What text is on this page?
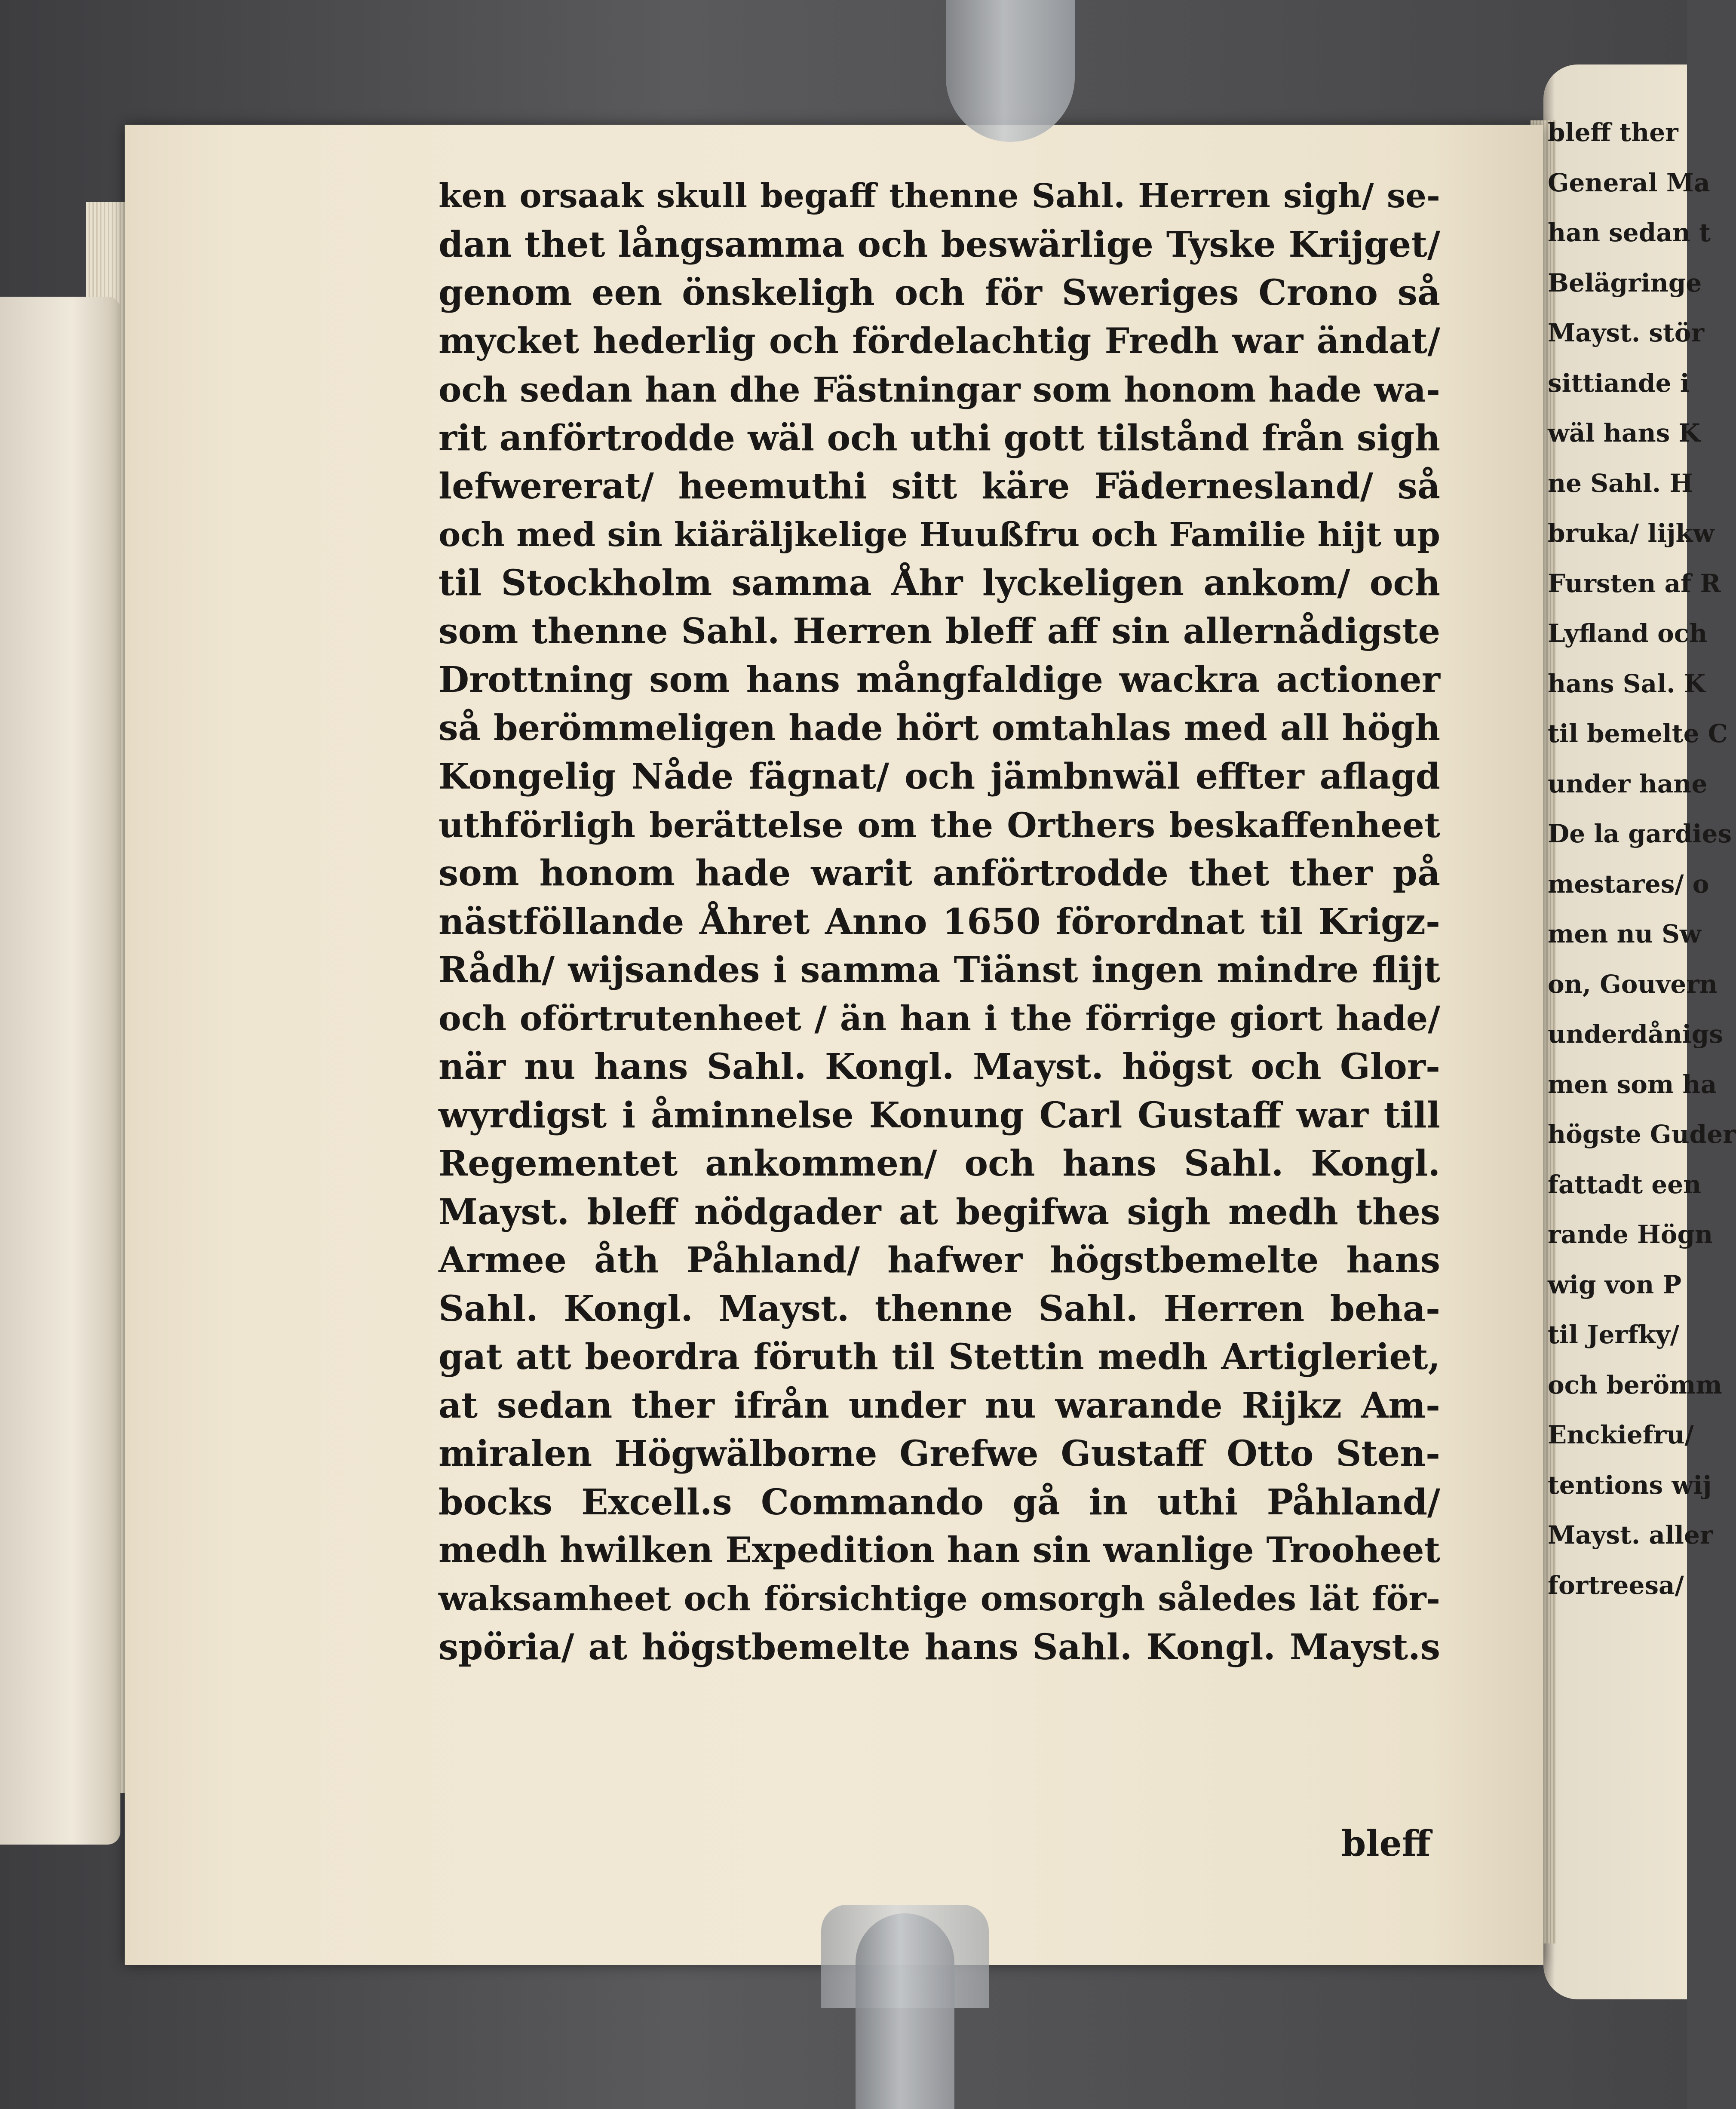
bleff ther
General Ma
han sedan t
Belägringe
Mayst. stör
sittiande i
wäl hans K
ne Sahl. H
bruka/ lijkw
Fursten af R
Lyfland och
hans Sal. K
til bemelte C
under hane
De la gardies
mestares/ o
men nu Sw
on, Gouvern
underdånigs
men som ha
högste Guder
fattadt een
rande Högn
wig von P
til Jerfky/
och berömm
Enckiefru/
tentions wij
Mayst. aller
fortreesa/
ken orsaak skull begaff thenne Sahl. Herren sigh/ se-
dan thet långsamma och beswärlige Tyske Krijget/
genom een önskeligh och för Sweriges Crono så
mycket hederlig och fördelachtig Fredh war ändat/
och sedan han dhe Fästningar som honom hade wa-
rit anförtrodde wäl och uthi gott tilstånd från sigh
lefwererat/ heemuthi sitt käre Fädernesland/ så
och med sin kiäräljkelige Huußfru och Familie hijt up
til Stockholm samma Åhr lyckeligen ankom/ och
som thenne Sahl. Herren bleff aff sin allernådigste
Drottning som hans mångfaldige wackra actioner
så berömmeligen hade hört omtahlas med all högh
Kongelig Nåde fägnat/ och jämbnwäl effter aflagd
uthförligh berättelse om the Orthers beskaffenheet
som honom hade warit anförtrodde thet ther på
nästföllande Åhret Anno 1650 förordnat til Krigz-
Rådh/ wijsandes i samma Tiänst ingen mindre flijt
och oförtrutenheet / än han i the förrige giort hade/
när nu hans Sahl. Kongl. Mayst. högst och Glor-
wyrdigst i åminnelse Konung Carl Gustaff war till
Regementet ankommen/ och hans Sahl. Kongl.
Mayst. bleff nödgader at begifwa sigh medh thes
Armee åth Påhland/ hafwer högstbemelte hans
Sahl. Kongl. Mayst. thenne Sahl. Herren beha-
gat att beordra föruth til Stettin medh Artigleriet,
at sedan ther ifrån under nu warande Rijkz Am-
miralen Högwälborne Grefwe Gustaff Otto Sten-
bocks Excell.s Commando gå in uthi Påhland/
medh hwilken Expedition han sin wanlige Trooheet
waksamheet och försichtige omsorgh således lät för-
spöria/ at högstbemelte hans Sahl. Kongl. Mayst.s
bleff
